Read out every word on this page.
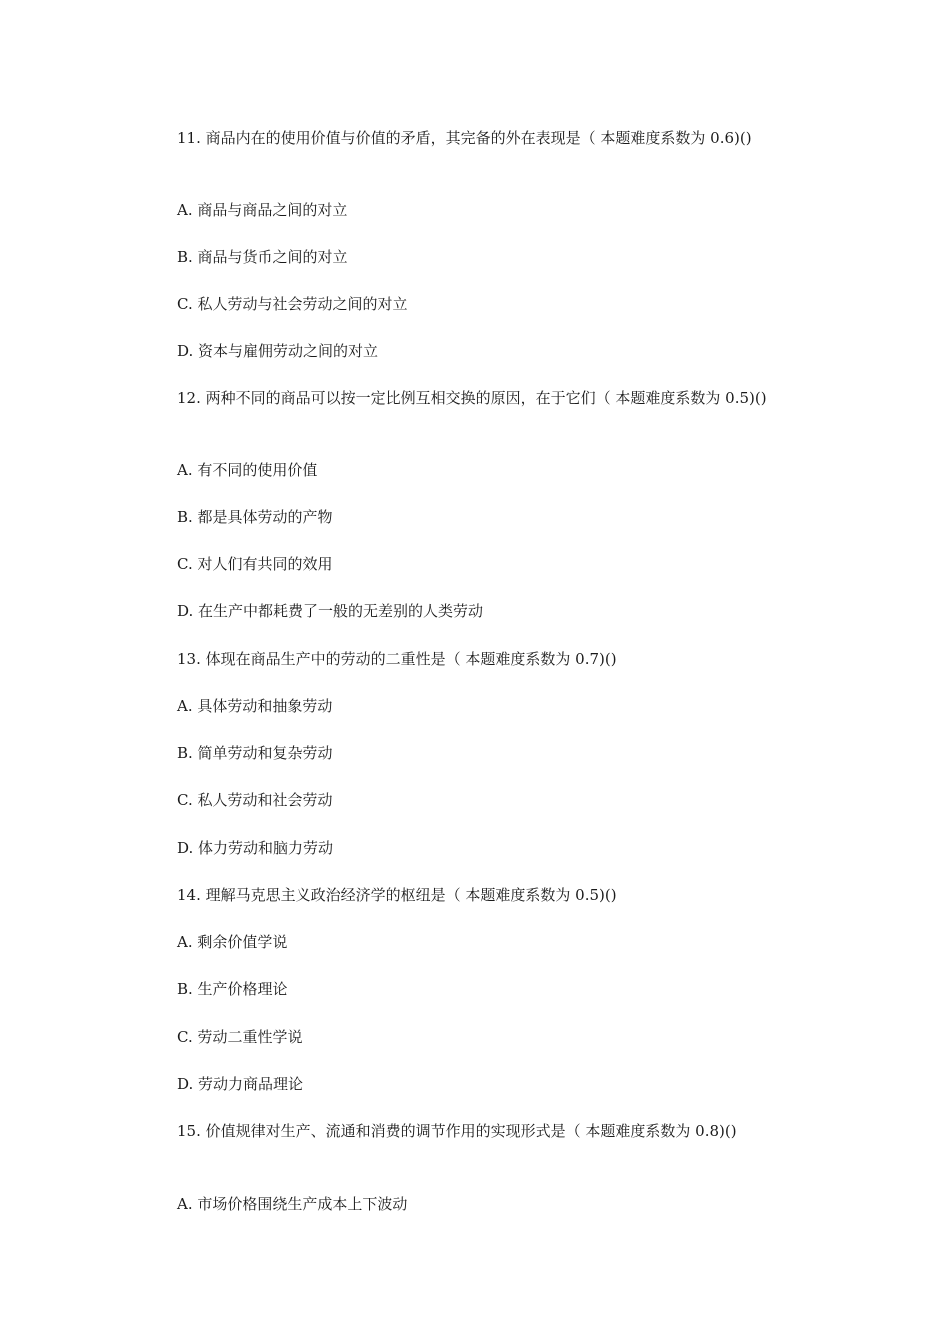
11. 商品内在的使用价值与价值的矛盾，其完备的外在表现是（ 本题难度系数为 0.6)()

A. 商品与商品之间的对立

B. 商品与货币之间的对立

C. 私人劳动与社会劳动之间的对立

D. 资本与雇佣劳动之间的对立

12. 两种不同的商品可以按一定比例互相交换的原因，在于它们（ 本题难度系数为 0.5)()

A. 有不同的使用价值

B. 都是具体劳动的产物

C. 对人们有共同的效用

D. 在生产中都耗费了一般的无差别的人类劳动

13. 体现在商品生产中的劳动的二重性是（ 本题难度系数为 0.7)()

A. 具体劳动和抽象劳动

B. 简单劳动和复杂劳动

C. 私人劳动和社会劳动

D. 体力劳动和脑力劳动

14. 理解马克思主义政治经济学的枢纽是（ 本题难度系数为 0.5)()

A. 剩余价值学说

B. 生产价格理论

C. 劳动二重性学说

D. 劳动力商品理论

15. 价值规律对生产、流通和消费的调节作用的实现形式是（ 本题难度系数为 0.8)()

A. 市场价格围绕生产成本上下波动
